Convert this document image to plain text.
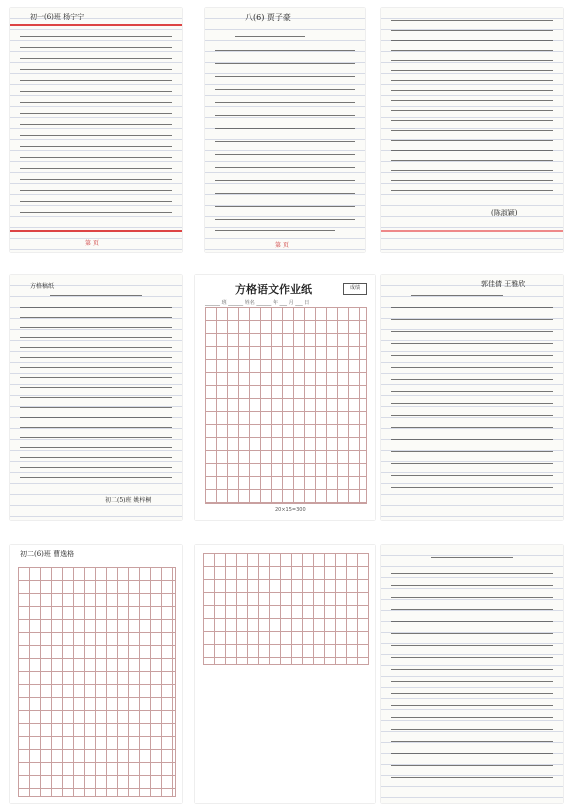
初一(6)班 杨宁宁
第 页
八(6) 贾子豪
第 页
(陈淑颖)
方格稿纸
初二(5)班 姚梓桐
方格语文作业纸	成绩
______ 班 ______ 姓名 ______ 年 ___ 月 ___ 日
20×15=300
郭佳倩 王雅欣
初二(6)班 曹逸格
